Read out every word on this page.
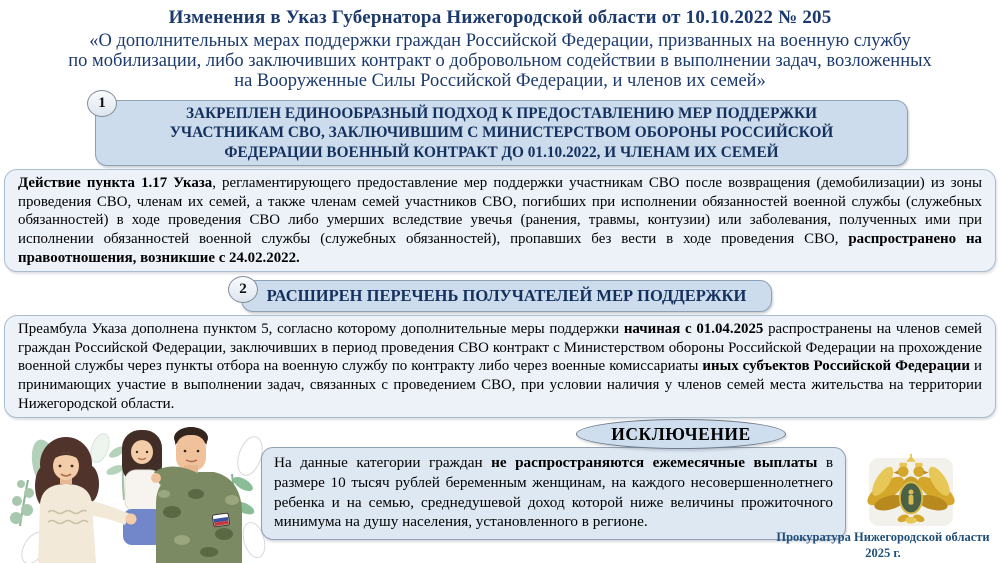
Изменения в Указ Губернатора Нижегородской области от 10.10.2022 № 205
«О дополнительных мерах поддержки граждан Российской Федерации, призванных на военную службу
по мобилизации, либо заключивших контракт о добровольном содействии в выполнении задач, возложенных
на Вооруженные Силы Российской Федерации, и членов их семей»
1
ЗАКРЕПЛЕН ЕДИНООБРАЗНЫЙ ПОДХОД К ПРЕДОСТАВЛЕНИЮ МЕР ПОДДЕРЖКИ
УЧАСТНИКАМ СВО, ЗАКЛЮЧИВШИМ С МИНИСТЕРСТВОМ ОБОРОНЫ РОССИЙСКОЙ
ФЕДЕРАЦИИ ВОЕННЫЙ КОНТРАКТ ДО 01.10.2022, И ЧЛЕНАМ ИХ СЕМЕЙ
Действие пункта 1.17 Указа, регламентирующего предоставление мер поддержки участникам СВО после возвращения (демобилизации) из зоны проведения СВО, членам их семей, а также членам семей участников СВО, погибших при исполнении обязанностей военной службы (служебных обязанностей) в ходе проведения СВО либо умерших вследствие увечья (ранения, травмы, контузии) или заболевания, полученных ими при исполнении обязанностей военной службы (служебных обязанностей), пропавших без вести в ходе проведения СВО, распространено на правоотношения, возникшие с 24.02.2022.
2	РАСШИРЕН ПЕРЕЧЕНЬ ПОЛУЧАТЕЛЕЙ МЕР ПОДДЕРЖКИ
Преамбула Указа дополнена пунктом 5, согласно которому дополнительные меры поддержки начиная с 01.04.2025 распространены на членов семей граждан Российской Федерации, заключивших в период проведения СВО контракт с Министерством обороны Российской Федерации на прохождение военной службы через пункты отбора на военную службу по контракту либо через военные комиссариаты иных субъектов Российской Федерации и принимающих участие в выполнении задач, связанных с проведением СВО, при условии наличия у членов семей места жительства на территории Нижегородской области.
ИСКЛЮЧЕНИЕ
На данные категории граждан не распространяются ежемесячные выплаты в размере 10 тысяч рублей беременным женщинам, на каждого несовершеннолетнего ребенка и на семью, среднедушевой доход которой ниже величины прожиточного минимума на душу населения, установленного в регионе.
Прокуратура Нижегородской области
2025 г.
